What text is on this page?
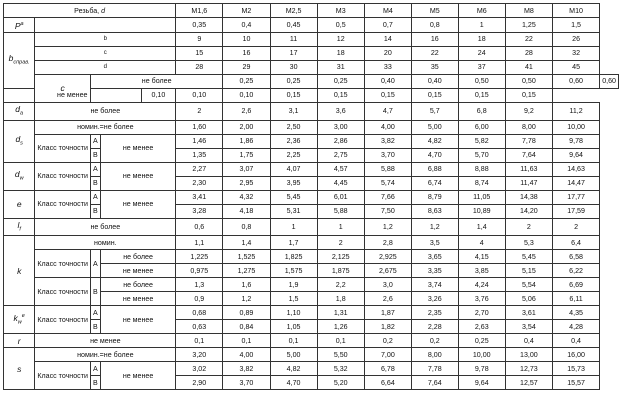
Резьба, d					M1,6	M2	M2,5	M3	M4	M5	M6	M8	M10	
$P^a$					0,35	0,4	0,45	0,5	0,7	0,8	1	1,25	1,5	
$b_{справ.}$	b				9	10	11	12	14	16	18	22	26	
	c				15	16	17	18	20	22	24	28	32	
	d				28	29	30	31	33	35	37	41	45	
	c	не более				0,25	0,25	0,25	0,40	0,40	0,50	0,50	0,60	0,60
не менее				0,10	0,10	0,10	0,15	0,15	0,15	0,15	0,15	0,15		
$d_a$	не более				2	2,6	3,1	3,6	4,7	5,7	6,8	9,2	11,2	
$d_s$	номин.=не более				1,60	2,00	2,50	3,00	4,00	5,00	6,00	8,00	10,00	
	Класс точности	A	не менее		1,46	1,86	2,36	2,86	3,82	4,82	5,82	7,78	9,78	
		B			1,35	1,75	2,25	2,75	3,70	4,70	5,70	7,64	9,64	
$d_w$	Класс точности	A	не менее		2,27	3,07	4,07	4,57	5,88	6,88	8,88	11,63	14,63	
		B			2,30	2,95	3,95	4,45	5,74	6,74	8,74	11,47	14,47	
e	Класс точности	A	не менее		3,41	4,32	5,45	6,01	7,66	8,79	11,05	14,38	17,77	
		B			3,28	4,18	5,31	5,88	7,50	8,63	10,89	14,20	17,59	
$l_f$	не более				0,6	0,8	1	1	1,2	1,2	1,4	2	2	
k	номин.				1,1	1,4	1,7	2	2,8	3,5	4	5,3	6,4	
	Класс точности	A	не более		1,225	1,525	1,825	2,125	2,925	3,65	4,15	5,45	6,58	
			не менее		0,975	1,275	1,575	1,875	2,675	3,35	3,85	5,15	6,22	
	Класс точности	B	не более		1,3	1,6	1,9	2,2	3,0	3,74	4,24	5,54	6,69	
			не менее		0,9	1,2	1,5	1,8	2,6	3,26	3,76	5,06	6,11	
$k_w^e$	Класс точности	A	не менее		0,68	0,89	1,10	1,31	1,87	2,35	2,70	3,61	4,35	
		B			0,63	0,84	1,05	1,26	1,82	2,28	2,63	3,54	4,28	
r	не менее				0,1	0,1	0,1	0,1	0,2	0,2	0,25	0,4	0,4	
s	номин.=не более				3,20	4,00	5,00	5,50	7,00	8,00	10,00	13,00	16,00	
	Класс точности	A	не менее		3,02	3,82	4,82	5,32	6,78	7,78	9,78	12,73	15,73	
		B			2,90	3,70	4,70	5,20	6,64	7,64	9,64	12,57	15,57	
